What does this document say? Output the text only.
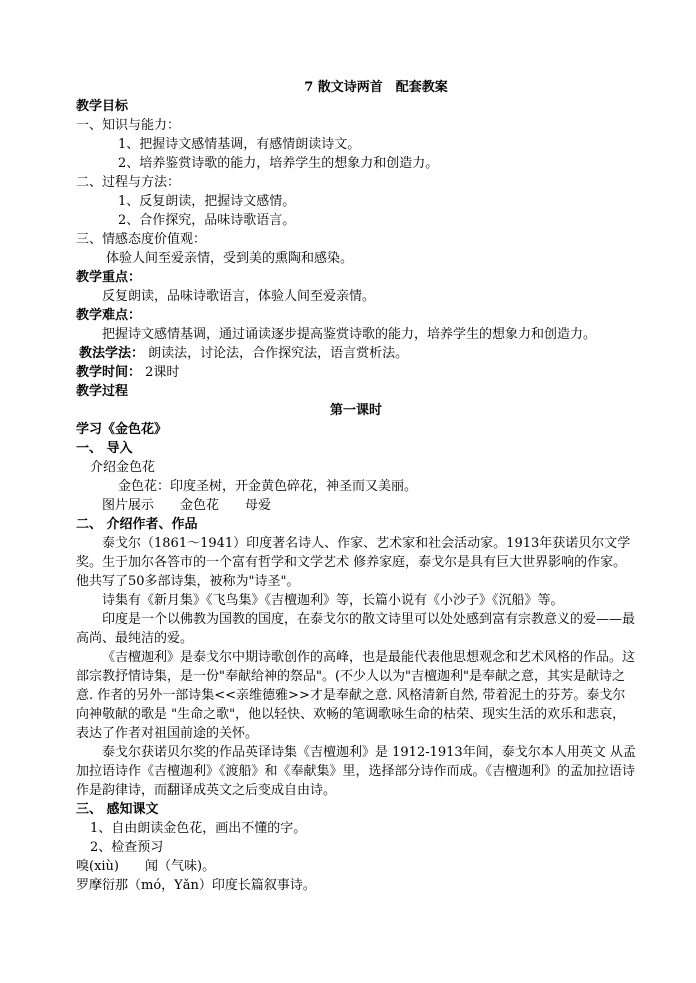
7 散文诗两首　配套教案
教学目标
一、知识与能力：
1、把握诗文感情基调，有感情朗读诗文。
2、培养鉴赏诗歌的能力，培养学生的想象力和创造力。
二、过程与方法：
1、反复朗读，把握诗文感情。
2、合作探究，品味诗歌语言。
三、情感态度价值观：
体验人间至爱亲情，受到美的熏陶和感染。
教学重点：
反复朗读，品味诗歌语言，体验人间至爱亲情。
教学难点：
把握诗文感情基调，通过诵读逐步提高鉴赏诗歌的能力，培养学生的想象力和创造力。
教法学法： 朗读法，讨论法，合作探究法，语言赏析法。
教学时间： 2课时
教学过程
第一课时
学习《金色花》
一、 导入
介绍金色花
金色花：印度圣树，开金黄色碎花，神圣而又美丽。
图片展示　　金色花　　母爱
二、 介绍作者、作品
泰戈尔（1861～1941）印度著名诗人、作家、艺术家和社会活动家。1913年获诺贝尔文学奖。生于加尔各答市的一个富有哲学和文学艺术 修养家庭，泰戈尔是具有巨大世界影响的作家。他共写了50多部诗集，被称为"诗圣"。
诗集有《新月集》《飞鸟集》《吉檀迦利》等，长篇小说有《小沙子》《沉船》等。
印度是一个以佛教为国教的国度，在泰戈尔的散文诗里可以处处感到富有宗教意义的爱——最高尚、最纯洁的爱。
《吉檀迦利》是泰戈尔中期诗歌创作的高峰，也是最能代表他思想观念和艺术风格的作品。这部宗教抒情诗集，是一份"奉献给神的祭品"。(不少人以为"吉檀迦利"是奉献之意，其实是献诗之意. 作者的另外一部诗集<<亲维德雅>>才是奉献之意. 风格清新自然, 带着泥土的芬芳。泰戈尔向神敬献的歌是 "生命之歌"，他以轻快、欢畅的笔调歌咏生命的枯荣、现实生活的欢乐和悲哀，表达了作者对祖国前途的关怀。
泰戈尔获诺贝尔奖的作品英译诗集《吉檀迦利》是 1912-1913年间，泰戈尔本人用英文 从孟加拉语诗作《吉檀迦利》《渡船》和《奉献集》里，选择部分诗作而成。《吉檀迦利》的孟加拉语诗作是韵律诗，而翻译成英文之后变成自由诗。
三、 感知课文
1、自由朗读金色花，画出不懂的字。
2、检查预习
嗅(xiù)　　闻（气味)。
罗摩衍那（mó，Yǎn）印度长篇叙事诗。
